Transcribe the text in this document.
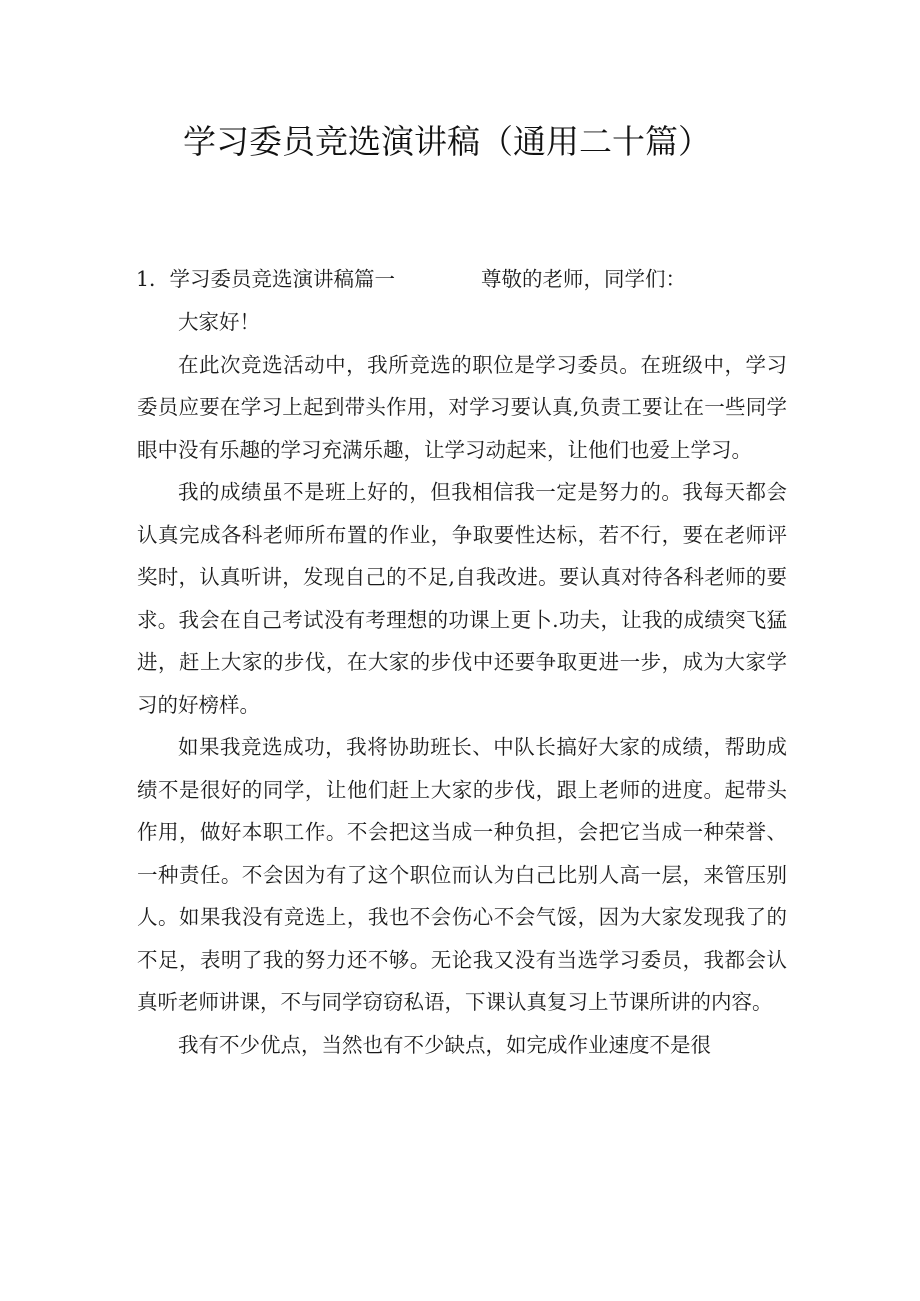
学习委员竞选演讲稿（通用二十篇）
1．学习委员竞选演讲稿篇一	尊敬的老师，同学们：

大家好！

在此次竞选活动中，我所竞选的职位是学习委员。在班级中，学习委员应要在学习上起到带头作用，对学习要认真,负责工要让在一些同学眼中没有乐趣的学习充满乐趣，让学习动起来，让他们也爱上学习。

我的成绩虽不是班上好的，但我相信我一定是努力的。我每天都会认真完成各科老师所布置的作业，争取要性达标，若不行，要在老师评奖时，认真听讲，发现自己的不足,自我改进。要认真对待各科老师的要求。我会在自己考试没有考理想的功课上更卜.功夫，让我的成绩突飞猛进，赶上大家的步伐，在大家的步伐中还要争取更进一步，成为大家学习的好榜样。

如果我竞选成功，我将协助班长、中队长搞好大家的成绩，帮助成绩不是很好的同学，让他们赶上大家的步伐，跟上老师的进度。起带头作用，做好本职工作。不会把这当成一种负担，会把它当成一种荣誉、一种责任。不会因为有了这个职位而认为白己比别人高一层，来管压别人。如果我没有竞选上，我也不会伤心不会气馁，因为大家发现我了的不足，表明了我的努力还不够。无论我又没有当选学习委员，我都会认真听老师讲课，不与同学窃窃私语，下课认真复习上节课所讲的内容。

我有不少优点，当然也有不少缺点，如完成作业速度不是很
